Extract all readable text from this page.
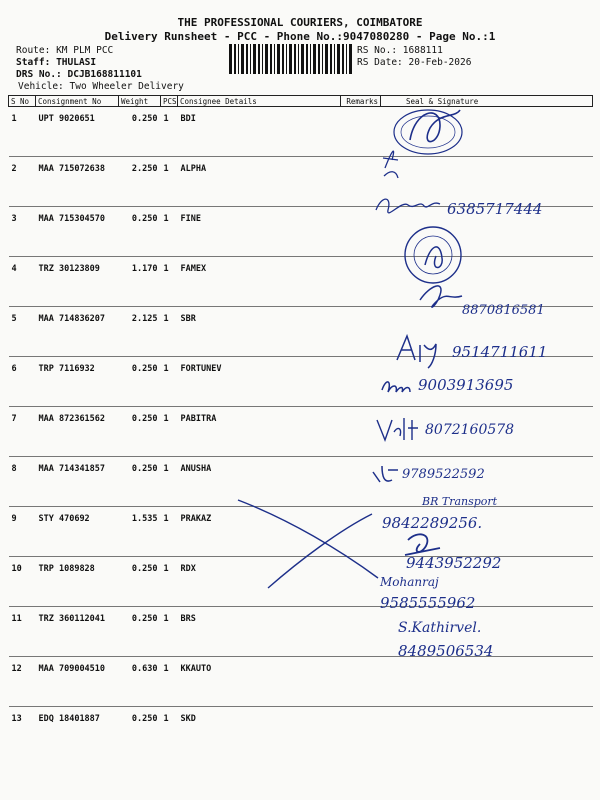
THE PROFESSIONAL COURIERS, COIMBATORE
Delivery Runsheet - PCC - Phone No.:9047080280 - Page No.:1
Route: KM PLM PCC
Staff: THULASI
DRS No.: DCJB168811101
Vehicle: Two Wheeler Delivery
RS No.: 1688111
RS Date: 20-Feb-2026
S No	Consignment No	Weight	PCS	Consignee Details	Remarks	Seal & Signature
1	UPT 9020651	0.250	1	BDI		
2	MAA 715072638	2.250	1	ALPHA		
3	MAA 715304570	0.250	1	FINE		
4	TRZ 30123809	1.170	1	FAMEX		
5	MAA 714836207	2.125	1	SBR		
6	TRP 7116932	0.250	1	FORTUNEV		
7	MAA 872361562	0.250	1	PABITRA		
8	MAA 714341857	0.250	1	ANUSHA		
9	STY 470692	1.535	1	PRAKAZ		
10	TRP 1089828	0.250	1	RDX		
11	TRZ 360112041	0.250	1	BRS		
12	MAA 709004510	0.630	1	KKAUTO		
13	EDQ 18401887	0.250	1	SKD		
6385717444
8870816581
9514711611
9003913695
8072160578
9789522592
BR Transport
9842289256.
9443952292
Mohanraj
9585555962
S.Kathirvel.
8489506534
